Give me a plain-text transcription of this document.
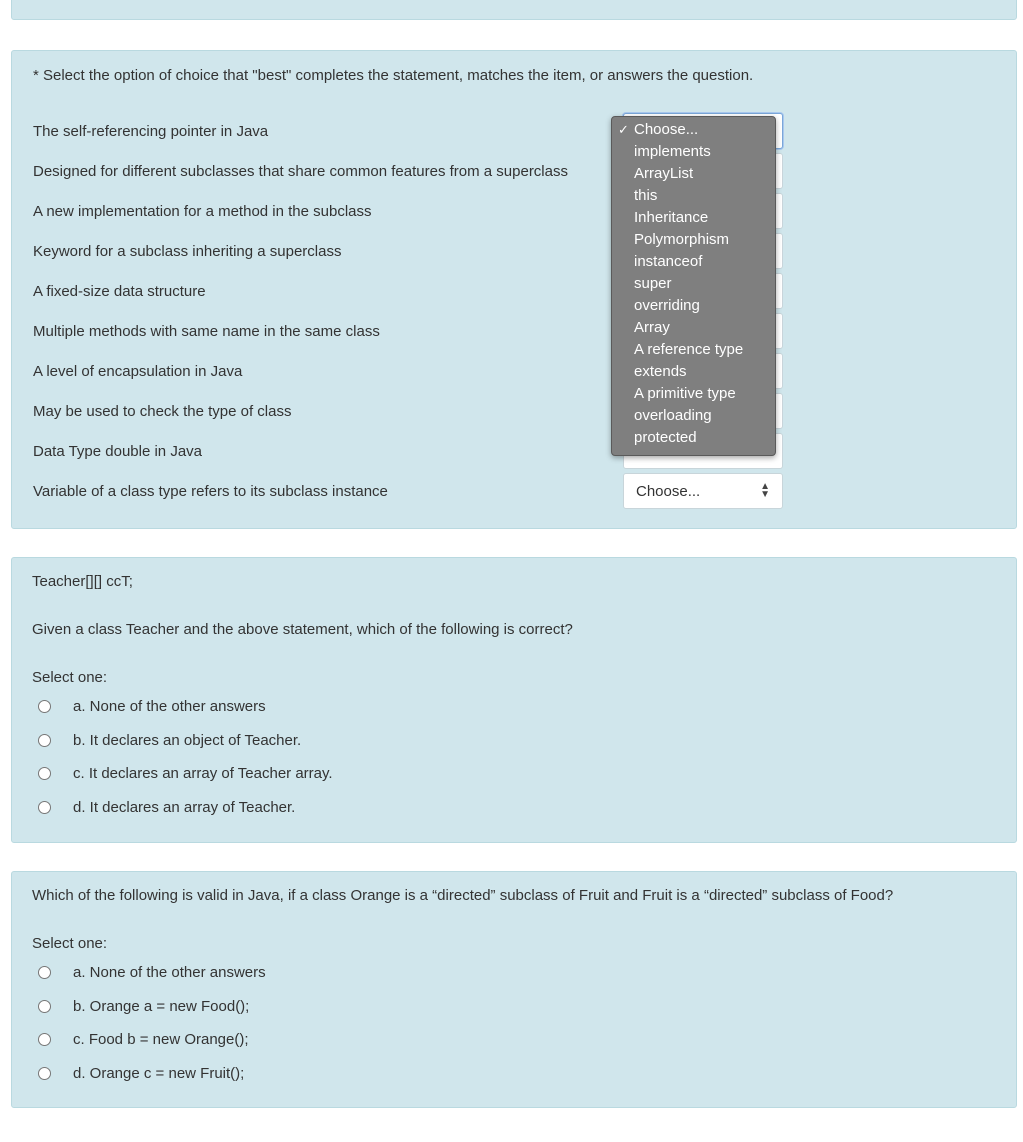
* Select the option of choice that "best" completes the statement, matches the item, or answers the question.
The self-referencing pointer in Java
Designed for different subclasses that share common features from a superclass
A new implementation for a method in the subclass
Keyword for a subclass inheriting a superclass
A fixed-size data structure
Multiple methods with same name in the same class
A level of encapsulation in Java
May be used to check the type of class
Data Type double in Java
Variable of a class type refers to its subclass instance	Choose...	▲
▼
✓ Choose...
implements
ArrayList
this
Inheritance
Polymorphism
instanceof
super
overriding
Array
A reference type
extends
A primitive type
overloading
protected
Teacher[][] ccT;
Given a class Teacher and the above statement, which of the following is correct?
Select one:
a. None of the other answers
b. It declares an object of Teacher.
c. It declares an array of Teacher array.
d. It declares an array of Teacher.
Which of the following is valid in Java, if a class Orange is a “directed” subclass of Fruit and Fruit is a “directed” subclass of Food?
Select one:
a. None of the other answers
b. Orange a = new Food();
c. Food b = new Orange();
d. Orange c = new Fruit();
